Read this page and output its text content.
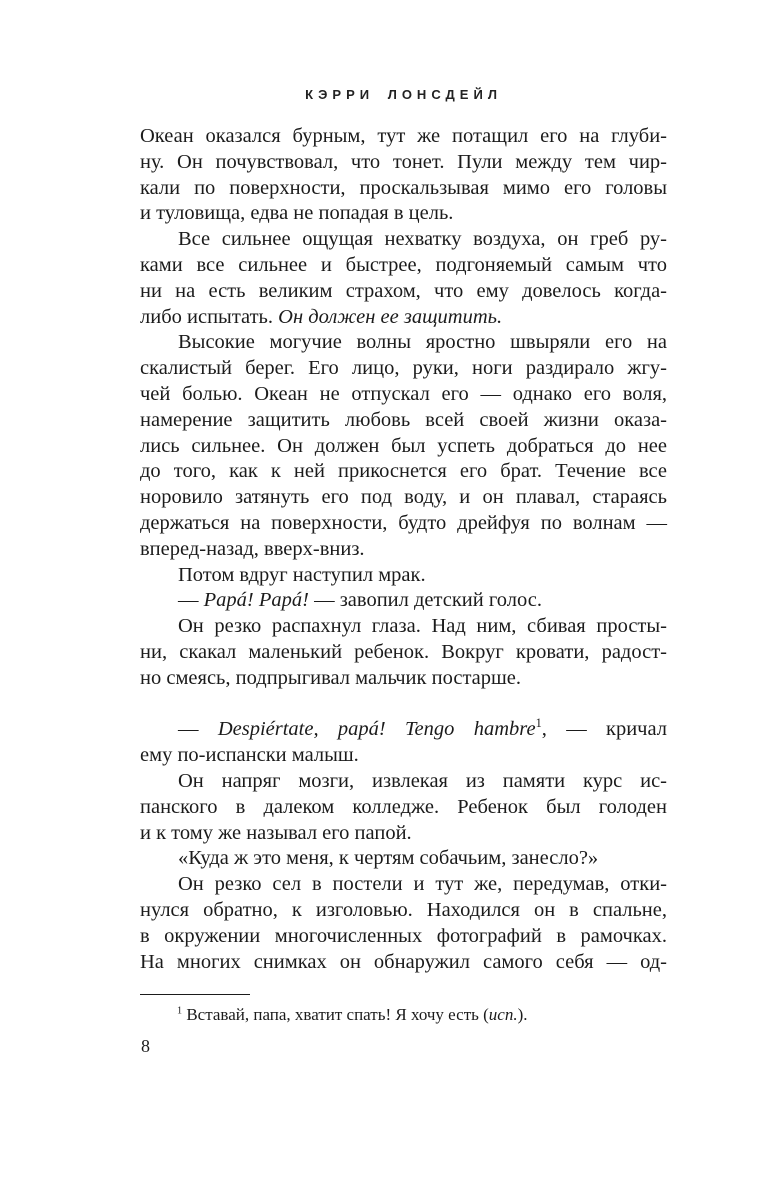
КЭРРИ ЛОНСДЕЙЛ
Океан оказался бурным, тут же потащил его на глуби-
ну. Он почувствовал, что тонет. Пули между тем чир-
кали по поверхности, проскальзывая мимо его головы
и туловища, едва не попадая в цель.
Все сильнее ощущая нехватку воздуха, он греб ру-
ками все сильнее и быстрее, подгоняемый самым что
ни на есть великим страхом, что ему довелось когда-
либо испытать. Он должен ее защитить.
Высокие могучие волны яростно швыряли его на
скалистый берег. Его лицо, руки, ноги раздирало жгу-
чей болью. Океан не отпускал его — однако его воля,
намерение защитить любовь всей своей жизни оказа-
лись сильнее. Он должен был успеть добраться до нее
до того, как к ней прикоснется его брат. Течение все
норовило затянуть его под воду, и он плавал, стараясь
держаться на поверхности, будто дрейфуя по волнам —
вперед-назад, вверх-вниз.
Потом вдруг наступил мрак.
— Papá! Papá! — завопил детский голос.
Он резко распахнул глаза. Над ним, сбивая просты-
ни, скакал маленький ребенок. Вокруг кровати, радост-
но смеясь, подпрыгивал мальчик постарше.
— Despiértate, papá! Tengo hambre$^1$, — кричал
ему по-испански малыш.
Он напряг мозги, извлекая из памяти курс ис-
панского в далеком колледже. Ребенок был голоден
и к тому же называл его папой.
«Куда ж это меня, к чертям собачьим, занесло?»
Он резко сел в постели и тут же, передумав, отки-
нулся обратно, к изголовью. Находился он в спальне,
в окружении многочисленных фотографий в рамочках.
На многих снимках он обнаружил самого себя — од-
$^1$ Вставай, папа, хватит спать! Я хочу есть (исп.).
8
